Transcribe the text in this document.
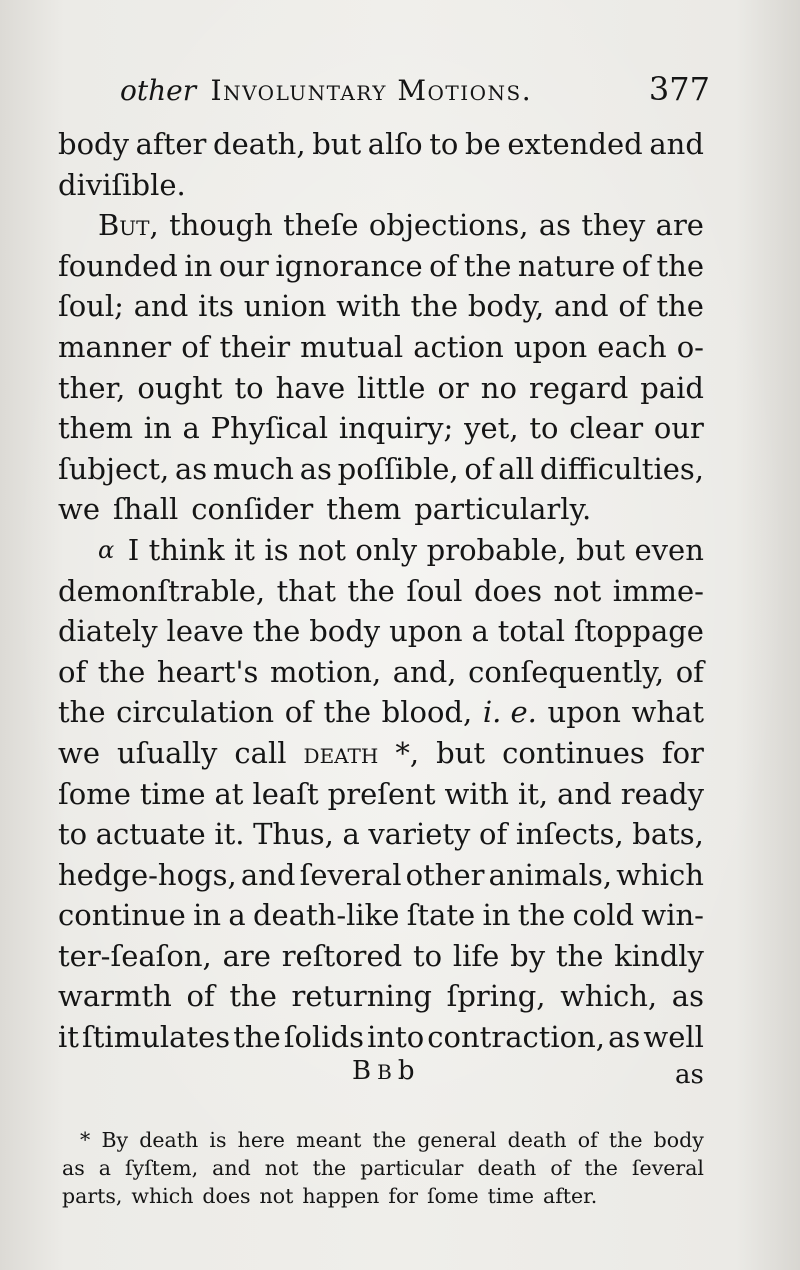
other Involuntary Motions.	377
body after death, but alſo to be extended and
diviſible.
But, though theſe objections, as they are
founded in our ignorance of the nature of the
ſoul; and its union with the body, and of the
manner of their mutual action upon each o-
ther, ought to have little or no regard paid
them in a Phyſical inquiry; yet, to clear our
ſubject, as much as poſſible, of all difficulties,
we ſhall conſider them particularly.
α I think it is not only probable, but even
demonſtrable, that the ſoul does not imme-
diately leave the body upon a total ſtoppage
of the heart's motion, and, conſequently, of
the circulation of the blood, i. e. upon what
we uſually call death *, but continues for
ſome time at leaſt preſent with it, and ready
to actuate it. Thus, a variety of inſects, bats,
hedge-hogs, and ſeveral other animals, which
continue in a death-like ſtate in the cold win-
ter-ſeaſon, are reſtored to life by the kindly
warmth of the returning ſpring, which, as
it ſtimulates the ſolids into contraction, as well
BBb	as
* By death is here meant the general death of the body
as a ſyſtem, and not the particular death of the ſeveral
parts, which does not happen for ſome time after.
